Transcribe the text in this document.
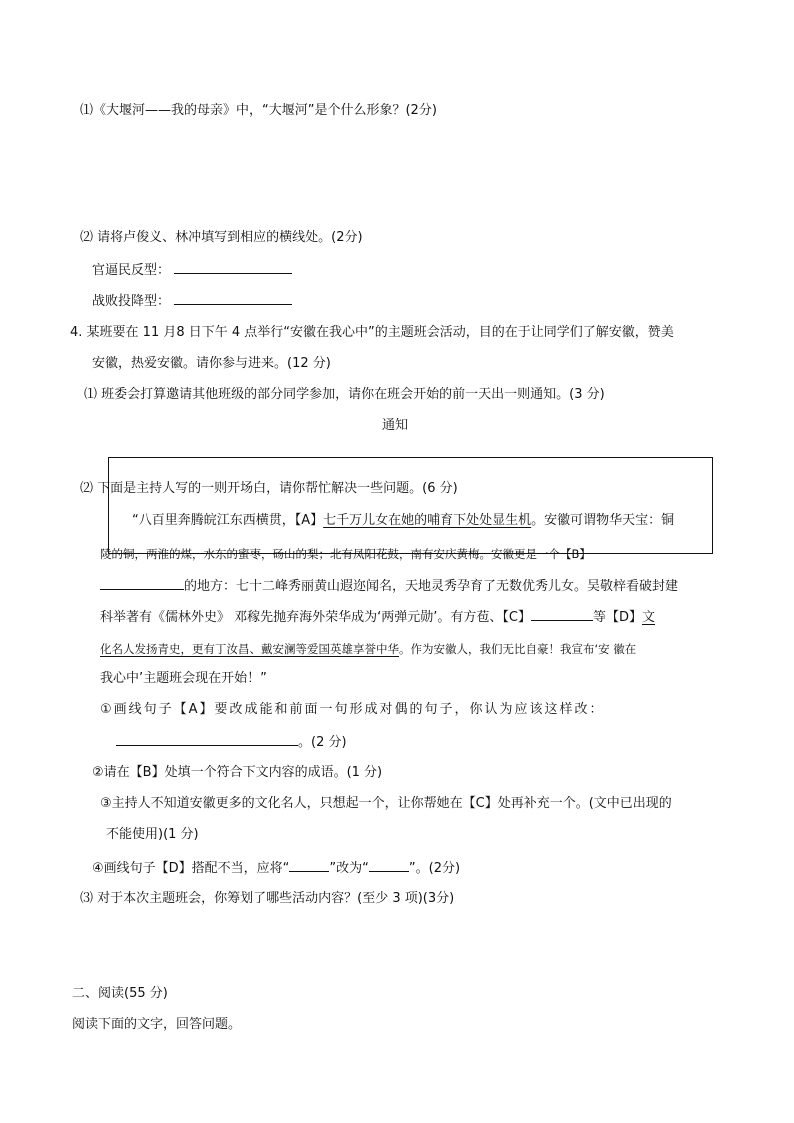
⑴《大堰河——我的母亲》中，“大堰河”是个什么形象？(2分)
⑵ 请将卢俊义、林冲填写到相应的横线处。(2分)
官逼民反型：
战败投降型：
4. 某班要在 11 月8 日下午 4 点举行“安徽在我心中”的主题班会活动，目的在于让同学们了解安徽，赞美
安徽，热爱安徽。请你参与进来。(12 分)
⑴ 班委会打算邀请其他班级的部分同学参加，请你在班会开始的前一天出一则通知。(3 分)
通知
⑵ 下面是主持人写的一则开场白，请你帮忙解决一些问题。(6 分)
“八百里奔腾皖江东西横贯，【A】七千万儿女在她的哺育下处处显生机。安徽可谓物华天宝：铜
陵的铜，两淮的煤，水东的蜜枣，砀山的梨；北有凤阳花鼓，南有安庆黄梅。安徽更是一个【B】
的地方：七十二峰秀丽黄山遐迩闻名，天地灵秀孕育了无数优秀儿女。吴敬梓看破封建
科举著有《儒林外史》 邓稼先抛弃海外荣华成为‘两弹元勋’。有方苞、【C】	等【D】文
化名人发扬青史，更有丁汝昌、戴安澜等爱国英雄享誉中华。作为安徽人，我们无比自豪！我宣布‘安 徽在
我心中’主题班会现在开始！”
①画线句子【A】要改成能和前面一句形成对偶的句子，你认为应该这样改：
。(2 分)
②请在【B】处填一个符合下文内容的成语。(1 分)
③主持人不知道安徽更多的文化名人，只想起一个，让你帮她在【C】处再补充一个。(文中已出现的
不能使用)(1 分)
④画线句子【D】搭配不当，应将“	”改为“	”。(2分)
⑶ 对于本次主题班会，你筹划了哪些活动内容？(至少 3 项)(3分)
二、阅读(55 分)
阅读下面的文字，回答问题。
